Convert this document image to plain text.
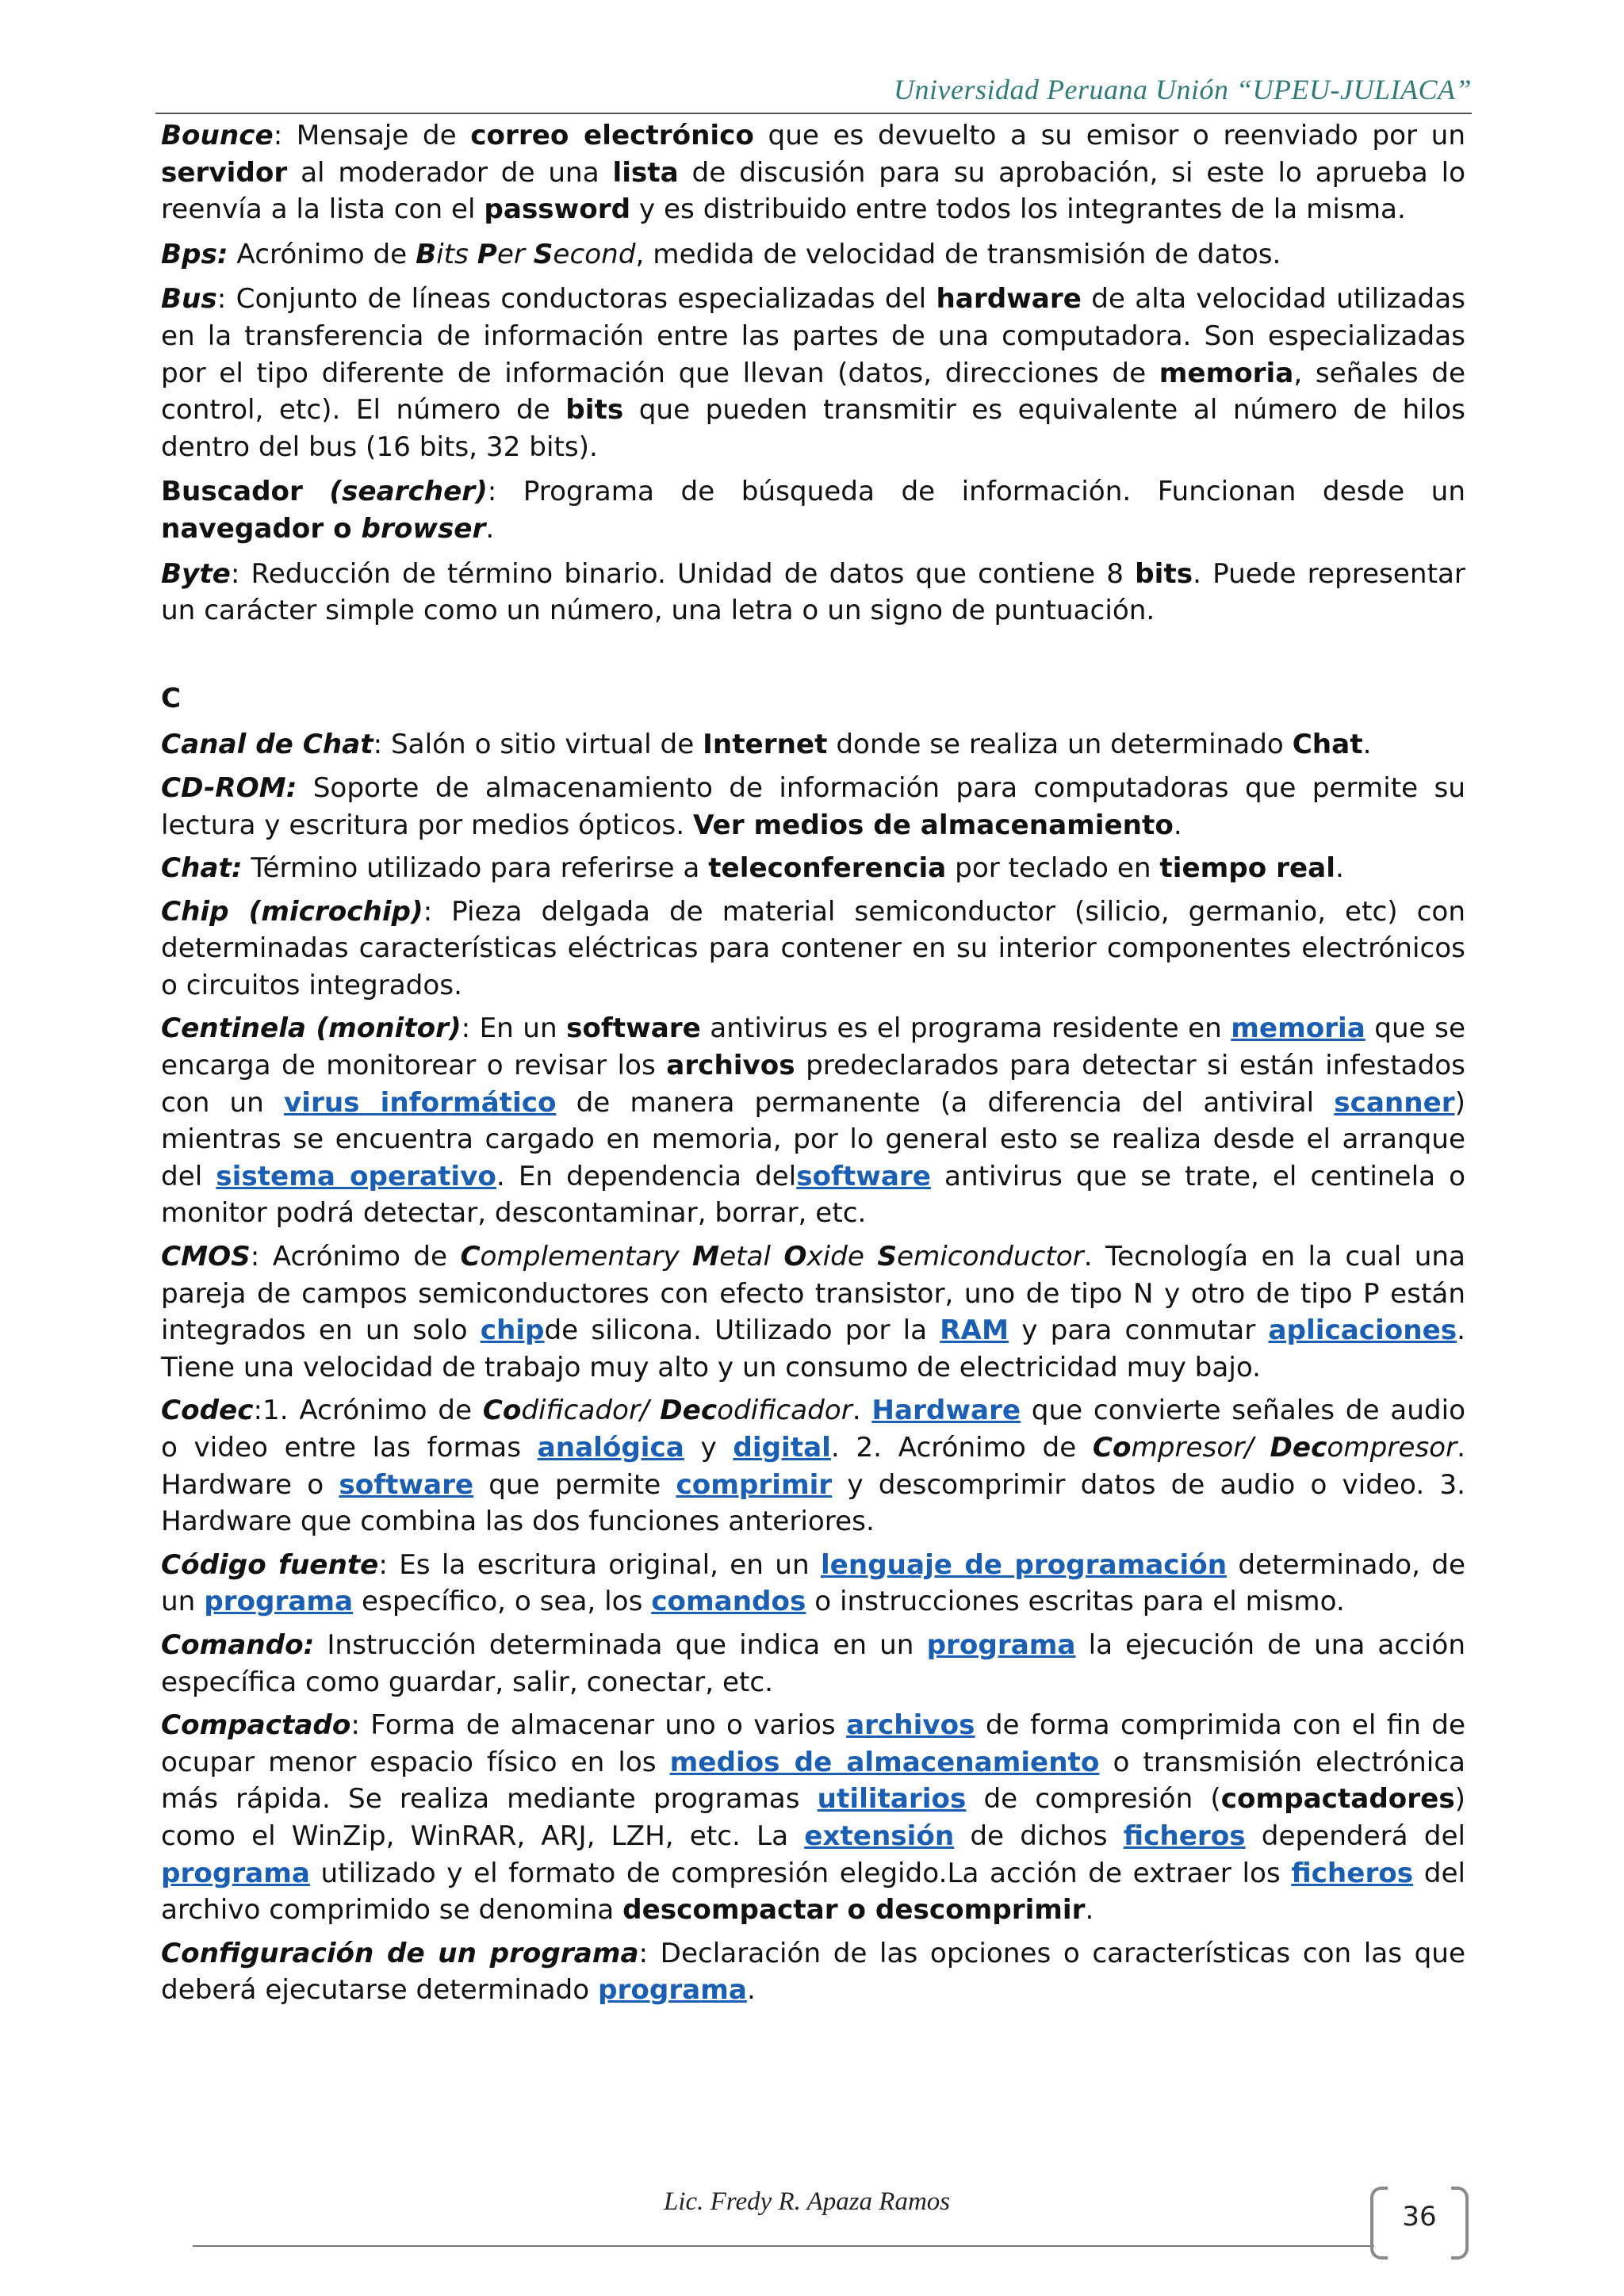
Universidad Peruana Unión “UPEU-JULIACA”

Bounce: Mensaje de correo electrónico que es devuelto a su emisor o reenviado por un servidor al moderador de una lista de discusión para su aprobación, si este lo aprueba lo reenvía a la lista con el password y es distribuido entre todos los integrantes de la misma.

Bps: Acrónimo de Bits Per Second, medida de velocidad de transmisión de datos.

Bus: Conjunto de líneas conductoras especializadas del hardware de alta velocidad utilizadas en la transferencia de información entre las partes de una computadora. Son especializadas por el tipo diferente de información que llevan (datos, direcciones de memoria, señales de control, etc). El número de bits que pueden transmitir es equivalente al número de hilos dentro del bus (16 bits, 32 bits).

Buscador (searcher): Programa de búsqueda de información. Funcionan desde un navegador o browser.

Byte: Reducción de término binario. Unidad de datos que contiene 8 bits. Puede representar un carácter simple como un número, una letra o un signo de puntuación.

C

Canal de Chat: Salón o sitio virtual de Internet donde se realiza un determinado Chat.

CD-ROM: Soporte de almacenamiento de información para computadoras que permite su lectura y escritura por medios ópticos. Ver medios de almacenamiento.

Chat: Término utilizado para referirse a teleconferencia por teclado en tiempo real.

Chip (microchip): Pieza delgada de material semiconductor (silicio, germanio, etc) con determinadas características eléctricas para contener en su interior componentes electrónicos o circuitos integrados.

Centinela (monitor): En un software antivirus es el programa residente en memoria que se encarga de monitorear o revisar los archivos predeclarados para detectar si están infestados con un virus informático de manera permanente (a diferencia del antiviral scanner) mientras se encuentra cargado en memoria, por lo general esto se realiza desde el arranque del sistema operativo. En dependencia delsoftware antivirus que se trate, el centinela o monitor podrá detectar, descontaminar, borrar, etc.

CMOS: Acrónimo de Complementary Metal Oxide Semiconductor. Tecnología en la cual una pareja de campos semiconductores con efecto transistor, uno de tipo N y otro de tipo P están integrados en un solo chipde silicona. Utilizado por la RAM y para conmutar aplicaciones. Tiene una velocidad de trabajo muy alto y un consumo de electricidad muy bajo.

Codec:1. Acrónimo de Codificador/ Decodificador. Hardware que convierte señales de audio o video entre las formas analógica y digital. 2. Acrónimo de Compresor/ Decompresor. Hardware o software que permite comprimir y descomprimir datos de audio o video. 3. Hardware que combina las dos funciones anteriores.

Código fuente: Es la escritura original, en un lenguaje de programación determinado, de un programa específico, o sea, los comandos o instrucciones escritas para el mismo.

Comando: Instrucción determinada que indica en un programa la ejecución de una acción específica como guardar, salir, conectar, etc.

Compactado: Forma de almacenar uno o varios archivos de forma comprimida con el fin de ocupar menor espacio físico en los medios de almacenamiento o transmisión electrónica más rápida. Se realiza mediante programas utilitarios de compresión (compactadores) como el WinZip, WinRAR, ARJ, LZH, etc. La extensión de dichos ficheros dependerá del programa utilizado y el formato de compresión elegido.La acción de extraer los ficheros del archivo comprimido se denomina descompactar o descomprimir.

Configuración de un programa: Declaración de las opciones o características con las que deberá ejecutarse determinado programa.

Lic. Fredy R. Apaza Ramos	36
